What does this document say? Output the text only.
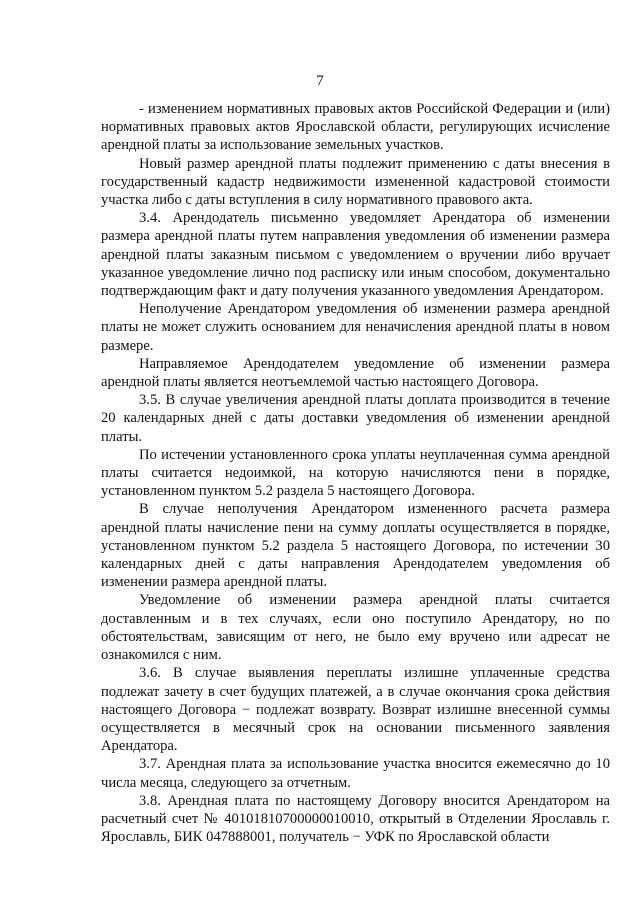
7

- изменением нормативных правовых актов Российской Федерации и (или) нормативных правовых актов Ярославской области, регулирующих исчисление арендной платы за использование земельных участков.

Новый размер арендной платы подлежит применению с даты внесения в государственный кадастр недвижимости измененной кадастровой стоимости участка либо с даты вступления в силу нормативного правового акта.

3.4. Арендодатель письменно уведомляет Арендатора об изменении размера арендной платы путем направления уведомления об изменении размера арендной платы заказным письмом с уведомлением о вручении либо вручает указанное уведомление лично под расписку или иным способом, документально подтверждающим факт и дату получения указанного уведомления Арендатором.

Неполучение Арендатором уведомления об изменении размера арендной платы не может служить основанием для неначисления арендной платы в новом размере.

Направляемое Арендодателем уведомление об изменении размера арендной платы является неотъемлемой частью настоящего Договора.

3.5. В случае увеличения арендной платы доплата производится в течение 20 календарных дней с даты доставки уведомления об изменении арендной платы.

По истечении установленного срока уплаты неуплаченная сумма арендной платы считается недоимкой, на которую начисляются пени в порядке, установленном пунктом 5.2 раздела 5 настоящего Договора.

В случае неполучения Арендатором измененного расчета размера арендной платы начисление пени на сумму доплаты осуществляется в порядке, установленном пунктом 5.2 раздела 5 настоящего Договора, по истечении 30 календарных дней с даты направления Арендодателем уведомления об изменении размера арендной платы.

Уведомление об изменении размера арендной платы считается доставленным и в тех случаях, если оно поступило Арендатору, но по обстоятельствам, зависящим от него, не было ему вручено или адресат не ознакомился с ним.

3.6. В случае выявления переплаты излишне уплаченные средства подлежат зачету в счет будущих платежей, а в случае окончания срока действия настоящего Договора − подлежат возврату. Возврат излишне внесенной суммы осуществляется в месячный срок на основании письменного заявления Арендатора.

3.7. Арендная плата за использование участка вносится ежемесячно до 10 числа месяца, следующего за отчетным.

3.8. Арендная плата по настоящему Договору вносится Арендатором на расчетный счет № 40101810700000010010, открытый в Отделении Ярославль г. Ярославль, БИК 047888001, получатель − УФК по Ярославской области
